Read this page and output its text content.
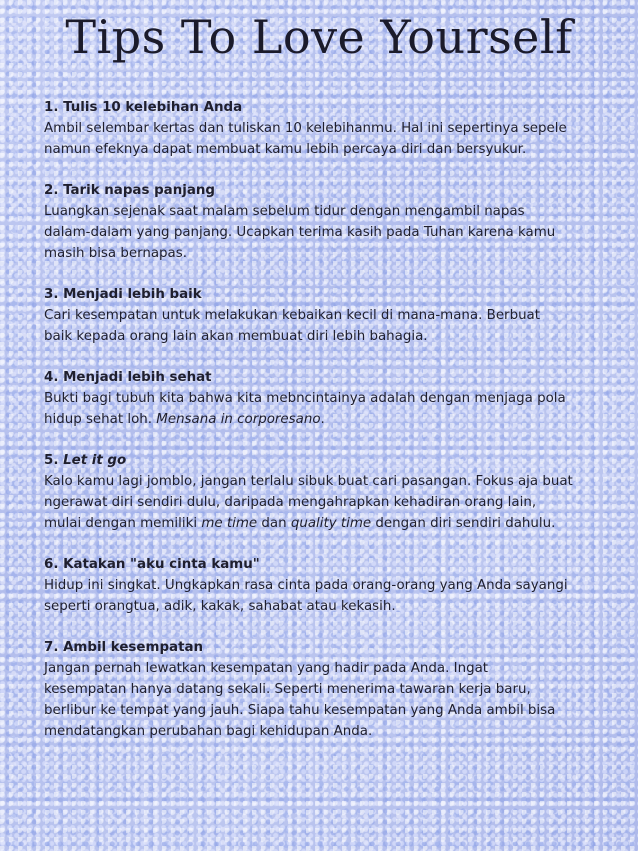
Tips To Love Yourself
1. Tulis 10 kelebihan Anda
Ambil selembar kertas dan tuliskan 10 kelebihanmu. Hal ini sepertinya sepele
namun efeknya dapat membuat kamu lebih percaya diri dan bersyukur.
2. Tarik napas panjang
Luangkan sejenak saat malam sebelum tidur dengan mengambil napas
dalam-dalam yang panjang. Ucapkan terima kasih pada Tuhan karena kamu
masih bisa bernapas.
3. Menjadi lebih baik
Cari kesempatan untuk melakukan kebaikan kecil di mana-mana. Berbuat
baik kepada orang lain akan membuat diri lebih bahagia.
4. Menjadi lebih sehat
Bukti bagi tubuh kita bahwa kita mebncintainya adalah dengan menjaga pola
hidup sehat loh. Mensana in corporesano.
5. Let it go
Kalo kamu lagi jomblo, jangan terlalu sibuk buat cari pasangan. Fokus aja buat
ngerawat diri sendiri dulu, daripada mengahrapkan kehadiran orang lain,
mulai dengan memiliki me time dan quality time dengan diri sendiri dahulu.
6. Katakan "aku cinta kamu"
Hidup ini singkat. Ungkapkan rasa cinta pada orang-orang yang Anda sayangi
seperti orangtua, adik, kakak, sahabat atau kekasih.
7. Ambil kesempatan
Jangan pernah lewatkan kesempatan yang hadir pada Anda. Ingat
kesempatan hanya datang sekali. Seperti menerima tawaran kerja baru,
berlibur ke tempat yang jauh. Siapa tahu kesempatan yang Anda ambil bisa
mendatangkan perubahan bagi kehidupan Anda.
